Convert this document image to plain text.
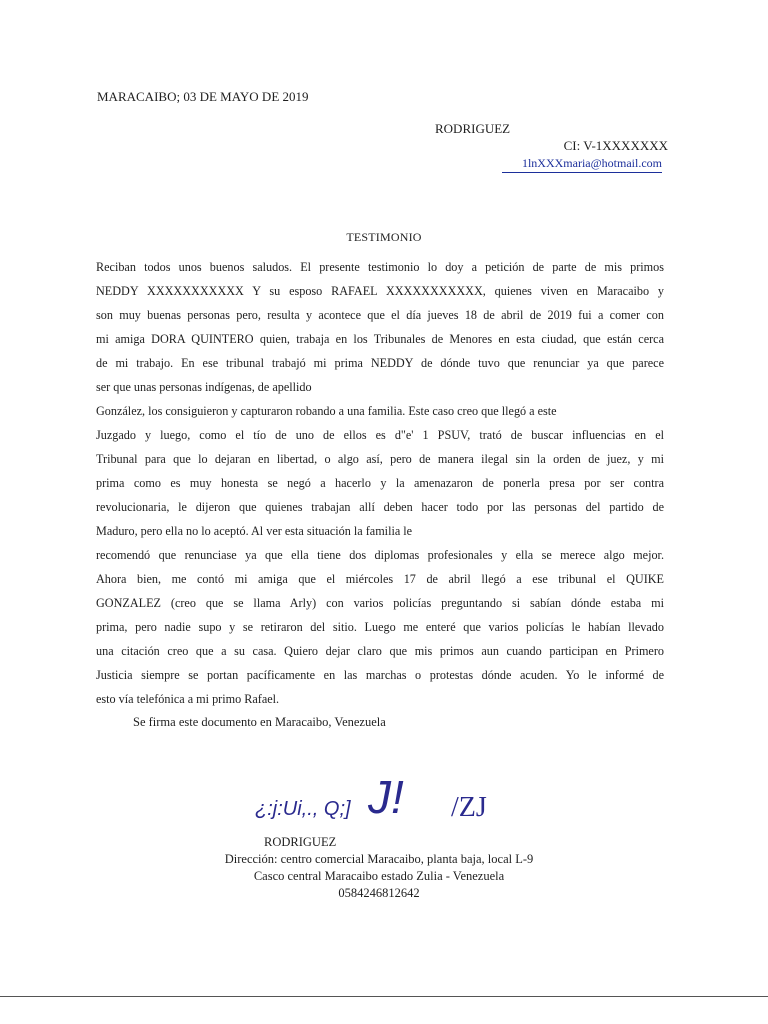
MARACAIBO; 03 DE MAYO DE 2019
RODRIGUEZ
CI: V-1XXXXXXX
1lnXXXmaria@hotmail.com
TESTIMONIO
Reciban todos unos buenos saludos. El presente testimonio lo doy a petición de parte de mis primos
NEDDY XXXXXXXXXXX Y su esposo RAFAEL XXXXXXXXXXX, quienes viven en Maracaibo y
son muy buenas personas pero, resulta y acontece que el día jueves 18 de abril de 2019 fui a comer con
mi amiga DORA QUINTERO quien, trabaja en los Tribunales de Menores en esta ciudad, que están cerca
de mi trabajo. En ese tribunal trabajó mi prima NEDDY de dónde tuvo que renunciar ya que parece
ser que unas personas indígenas, de apellido
González, los consiguieron y capturaron robando a una familia. Este caso creo que llegó a este
Juzgado y luego, como el tío de uno de ellos es d"e' 1 PSUV, trató de buscar influencias en el
Tribunal para que lo dejaran en libertad, o algo así, pero de manera ilegal sin la orden de juez, y mi
prima como es muy honesta se negó a hacerlo y la amenazaron de ponerla presa por ser contra
revolucionaria, le dijeron que quienes trabajan allí deben hacer todo por las personas del partido de
Maduro, pero ella no lo aceptó. Al ver esta situación la familia le
recomendó que renunciase ya que ella tiene dos diplomas profesionales y ella se merece algo mejor.
Ahora bien, me contó mi amiga que el miércoles 17 de abril llegó a ese tribunal el QUIKE
GONZALEZ (creo que se llama Arly) con varios policías preguntando si sabían dónde estaba mi
prima, pero nadie supo y se retiraron del sitio. Luego me enteré que varios policías le habían llevado
una citación creo que a su casa. Quiero dejar claro que mis primos aun cuando participan en Primero
Justicia siempre se portan pacíficamente en las marchas o protestas dónde acuden. Yo le informé de
esto vía telefónica a mi primo Rafael.
Se firma este documento en Maracaibo, Venezuela
¿:j:Ui,., Q;] J! /ZJ
RODRIGUEZ
Dirección: centro comercial Maracaibo, planta baja, local L-9
Casco central Maracaibo estado Zulia - Venezuela
0584246812642
